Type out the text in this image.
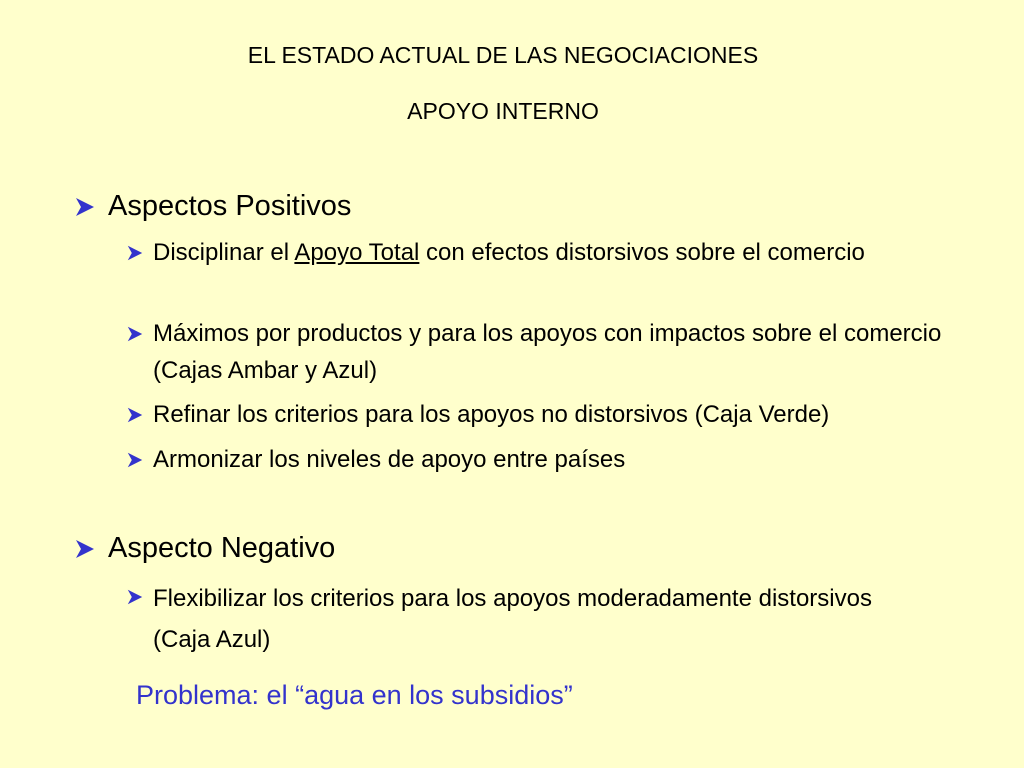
EL ESTADO ACTUAL DE LAS NEGOCIACIONES
APOYO INTERNO
Aspectos Positivos
Disciplinar el Apoyo Total con efectos distorsivos sobre el comercio
Máximos por productos y para los apoyos con impactos sobre el comercio (Cajas Ambar y Azul)
Refinar los criterios para los apoyos no distorsivos (Caja Verde)
Armonizar los niveles de apoyo entre países
Aspecto Negativo
Flexibilizar los criterios para los apoyos moderadamente distorsivos (Caja Azul)
Problema: el “agua en los subsidios”
